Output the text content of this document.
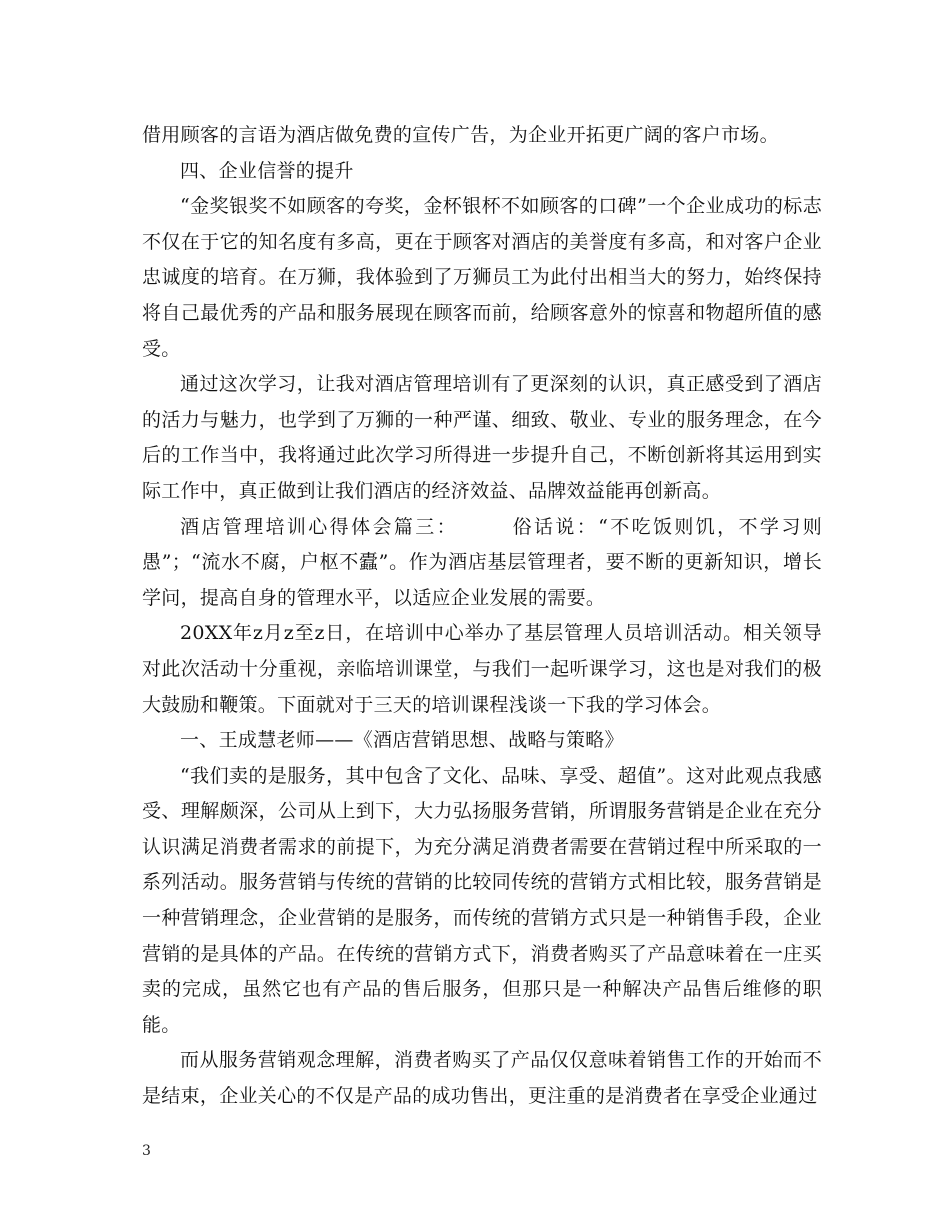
借用顾客的言语为酒店做免费的宣传广告，为企业开拓更广阔的客户市场。

四、企业信誉的提升

“金奖银奖不如顾客的夸奖，金杯银杯不如顾客的口碑”一个企业成功的标志不仅在于它的知名度有多高，更在于顾客对酒店的美誉度有多高，和对客户企业忠诚度的培育。在万狮，我体验到了万狮员工为此付出相当大的努力，始终保持将自己最优秀的产品和服务展现在顾客而前，给顾客意外的惊喜和物超所值的感受。

通过这次学习，让我对酒店管理培训有了更深刻的认识，真正感受到了酒店的活力与魅力，也学到了万狮的一种严谨、细致、敬业、专业的服务理念，在今后的工作当中，我将通过此次学习所得进一步提升自己，不断创新将其运用到实际工作中，真正做到让我们酒店的经济效益、品牌效益能再创新高。

酒店管理培训心得体会篇三：　　　俗话说：“不吃饭则饥，不学习则愚”；“流水不腐，户枢不蠹”。作为酒店基层管理者，要不断的更新知识，增长学问，提高自身的管理水平，以适应企业发展的需要。

20XX年z月z至z日，在培训中心举办了基层管理人员培训活动。相关领导对此次活动十分重视，亲临培训课堂，与我们一起听课学习，这也是对我们的极大鼓励和鞭策。下面就对于三天的培训课程浅谈一下我的学习体会。

一、王成慧老师——《酒店营销思想、战略与策略》

“我们卖的是服务，其中包含了文化、品味、享受、超值”。这对此观点我感受、理解颇深，公司从上到下，大力弘扬服务营销，所谓服务营销是企业在充分认识满足消费者需求的前提下，为充分满足消费者需要在营销过程中所采取的一系列活动。服务营销与传统的营销的比较同传统的营销方式相比较，服务营销是一种营销理念，企业营销的是服务，而传统的营销方式只是一种销售手段，企业营销的是具体的产品。在传统的营销方式下，消费者购买了产品意味着在一庄买卖的完成，虽然它也有产品的售后服务，但那只是一种解决产品售后维修的职能。

而从服务营销观念理解，消费者购买了产品仅仅意味着销售工作的开始而不是结束，企业关心的不仅是产品的成功售出，更注重的是消费者在享受企业通过

3
